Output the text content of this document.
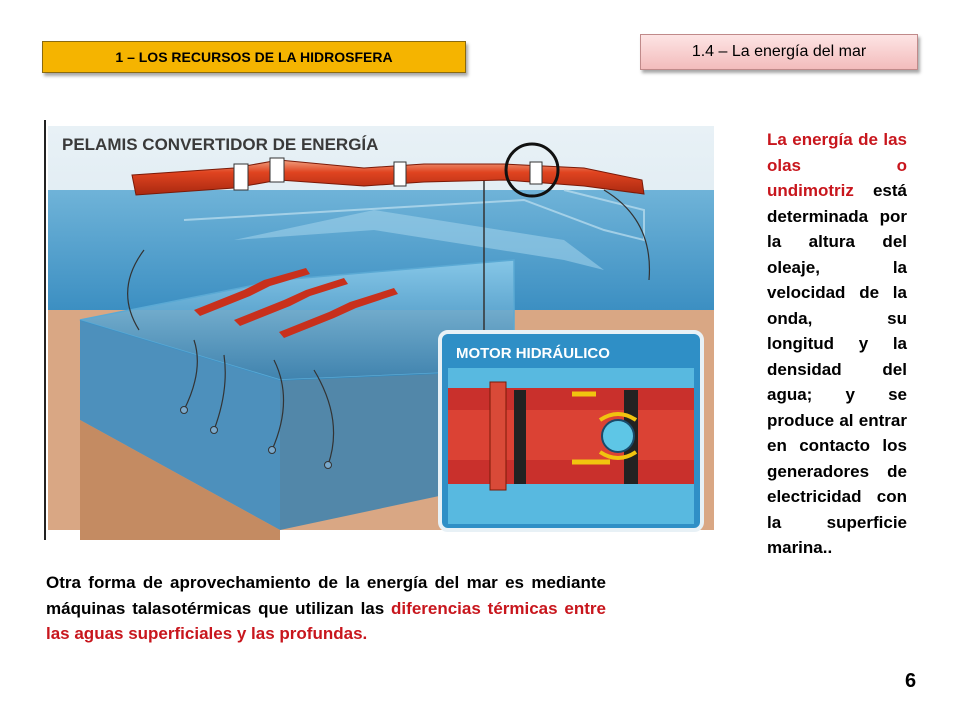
1 – LOS RECURSOS DE LA HIDROSFERA	1.4 – La energía del mar
PELAMIS CONVERTIDOR DE ENERGÍA
MOTOR HIDRÁULICO
La energía de las olas o undimotriz está determinada por la altura del oleaje, la velocidad de la onda, su longitud y la densidad del agua; y se produce al entrar en contacto los generadores de electricidad con la superficie marina..
Otra forma de aprovechamiento de la energía del mar es mediante máquinas talasotérmicas que utilizan las diferencias térmicas entre las aguas superficiales y las profundas.
6
